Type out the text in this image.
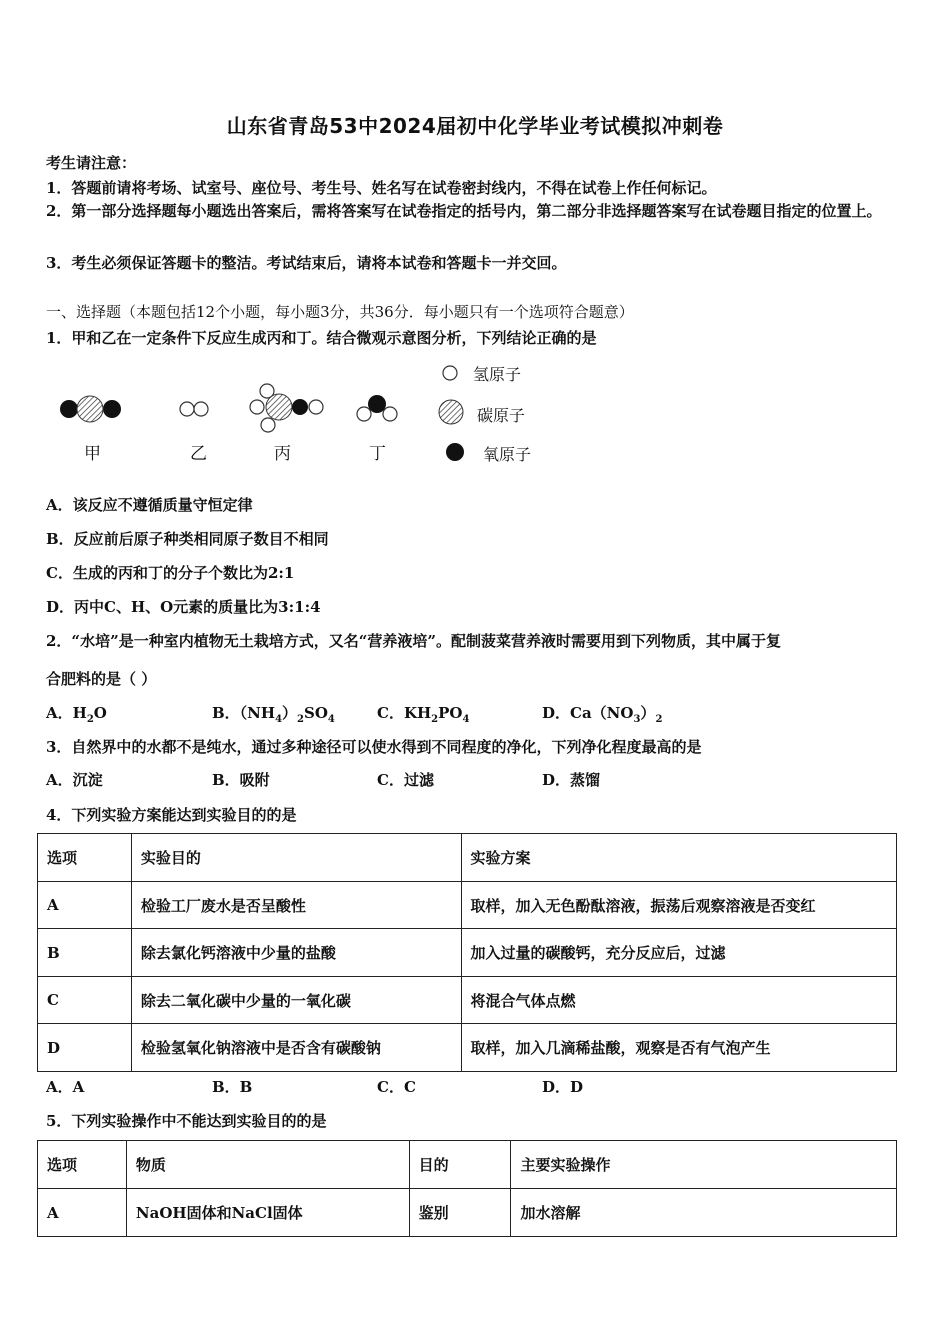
山东省青岛53中2024届初中化学毕业考试模拟冲刺卷
考生请注意：
1．答题前请将考场、试室号、座位号、考生号、姓名写在试卷密封线内，不得在试卷上作任何标记。
2．第一部分选择题每小题选出答案后，需将答案写在试卷指定的括号内，第二部分非选择题答案写在试卷题目指定的位置上。
3．考生必须保证答题卡的整洁。考试结束后，请将本试卷和答题卡一并交回。
一、选择题（本题包括12个小题，每小题3分，共36分．每小题只有一个选项符合题意）
1．甲和乙在一定条件下反应生成丙和丁。结合微观示意图分析，下列结论正确的是
甲	乙	丙	丁
氢原子
碳原子
氧原子
A．该反应不遵循质量守恒定律
B．反应前后原子种类相同原子数目不相同
C．生成的丙和丁的分子个数比为2:1
D．丙中C、H、O元素的质量比为3:1:4
2．“水培”是一种室内植物无土栽培方式，又名“营养液培”。配制菠菜营养液时需要用到下列物质，其中属于复
合肥料的是（ ）
A．$H_2O$	B．$(NH_4)_2SO_4$	C．$KH_2PO_4$	D．$Ca(NO_3)_2$
3．自然界中的水都不是纯水，通过多种途径可以使水得到不同程度的净化，下列净化程度最高的是
A．沉淀	B．吸附	C．过滤	D．蒸馏
4．下列实验方案能达到实验目的的是
选项	实验目的	实验方案
A	检验工厂废水是否呈酸性	取样，加入无色酚酞溶液，振荡后观察溶液是否变红
B	除去氯化钙溶液中少量的盐酸	加入过量的碳酸钙，充分反应后，过滤
C	除去二氧化碳中少量的一氧化碳	将混合气体点燃
D	检验氢氧化钠溶液中是否含有碳酸钠	取样，加入几滴稀盐酸，观察是否有气泡产生
A．A	B．B	C．C	D．D
5．下列实验操作中不能达到实验目的的是
选项	物质	目的	主要实验操作
A	NaOH固体和NaCl固体	鉴别	加水溶解
